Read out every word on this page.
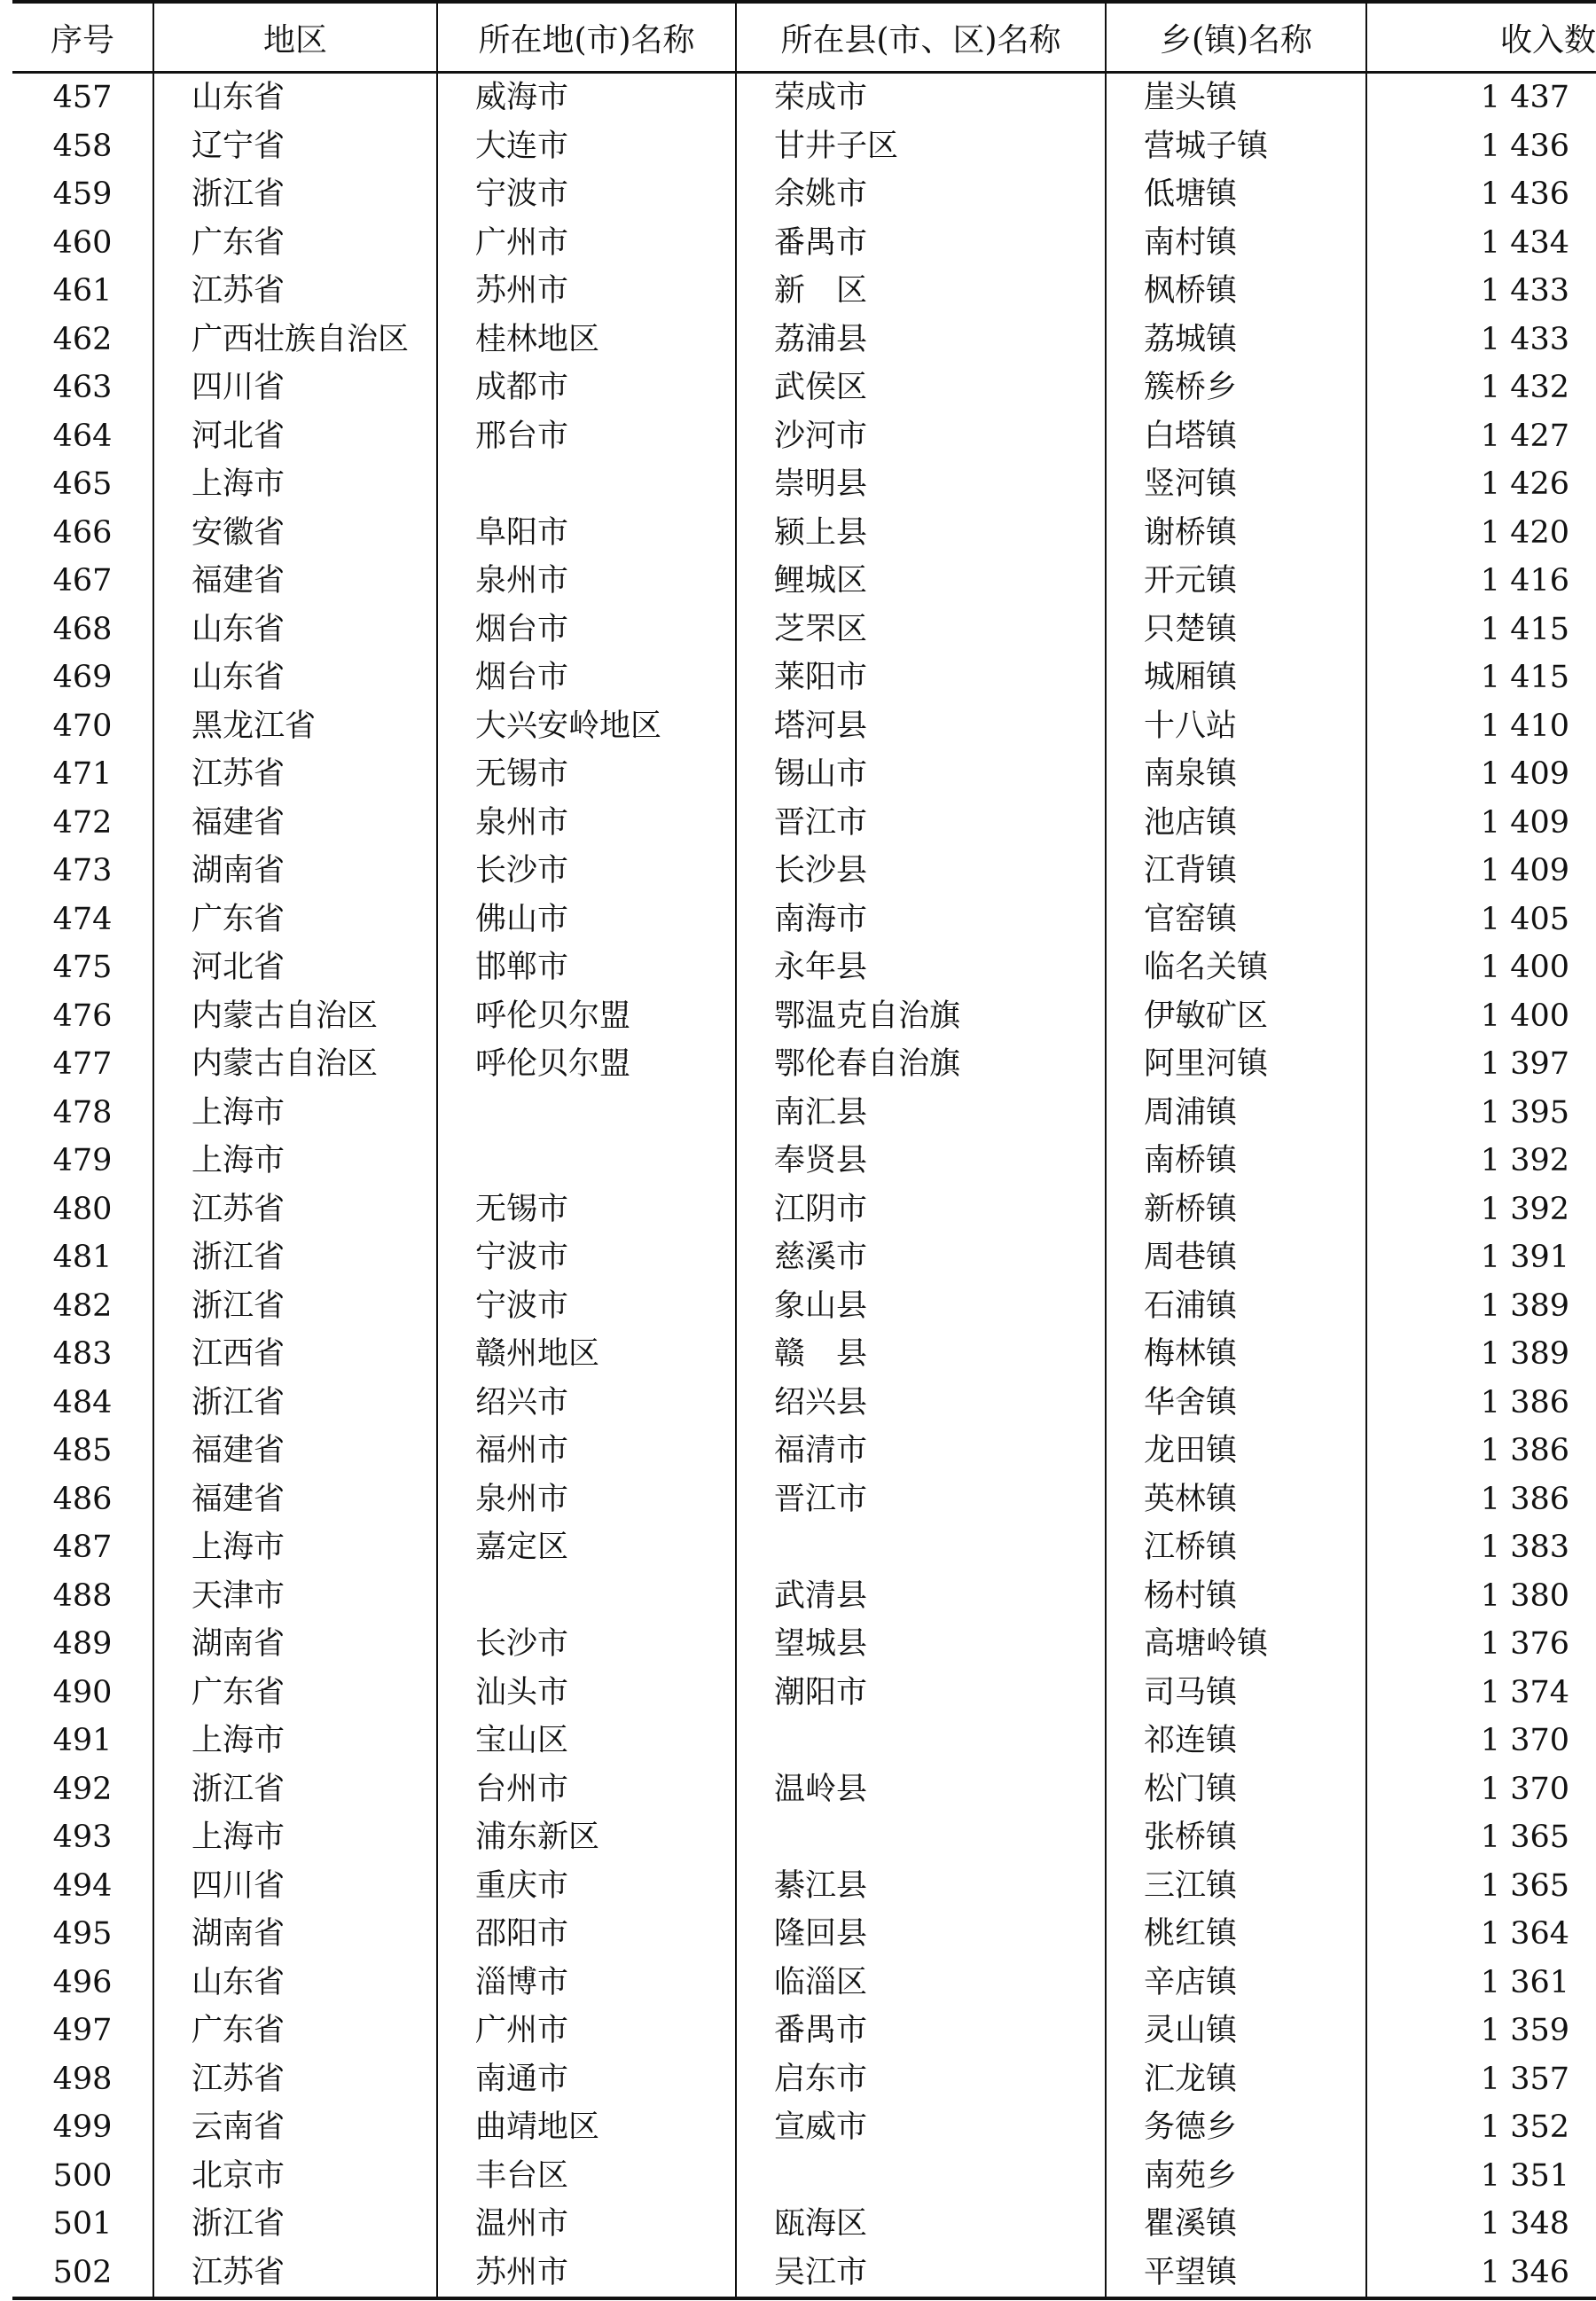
序号	地区	所在地(市)名称	所在县(市、区)名称	乡(镇)名称	收入数
457	山东省	威海市	荣成市	崖头镇	1 437
458	辽宁省	大连市	甘井子区	营城子镇	1 436
459	浙江省	宁波市	余姚市	低塘镇	1 436
460	广东省	广州市	番禺市	南村镇	1 434
461	江苏省	苏州市	新　区	枫桥镇	1 433
462	广西壮族自治区	桂林地区	荔浦县	荔城镇	1 433
463	四川省	成都市	武侯区	簇桥乡	1 432
464	河北省	邢台市	沙河市	白塔镇	1 427
465	上海市		崇明县	竖河镇	1 426
466	安徽省	阜阳市	颍上县	谢桥镇	1 420
467	福建省	泉州市	鲤城区	开元镇	1 416
468	山东省	烟台市	芝罘区	只楚镇	1 415
469	山东省	烟台市	莱阳市	城厢镇	1 415
470	黑龙江省	大兴安岭地区	塔河县	十八站	1 410
471	江苏省	无锡市	锡山市	南泉镇	1 409
472	福建省	泉州市	晋江市	池店镇	1 409
473	湖南省	长沙市	长沙县	江背镇	1 409
474	广东省	佛山市	南海市	官窑镇	1 405
475	河北省	邯郸市	永年县	临名关镇	1 400
476	内蒙古自治区	呼伦贝尔盟	鄂温克自治旗	伊敏矿区	1 400
477	内蒙古自治区	呼伦贝尔盟	鄂伦春自治旗	阿里河镇	1 397
478	上海市		南汇县	周浦镇	1 395
479	上海市		奉贤县	南桥镇	1 392
480	江苏省	无锡市	江阴市	新桥镇	1 392
481	浙江省	宁波市	慈溪市	周巷镇	1 391
482	浙江省	宁波市	象山县	石浦镇	1 389
483	江西省	赣州地区	赣　县	梅林镇	1 389
484	浙江省	绍兴市	绍兴县	华舍镇	1 386
485	福建省	福州市	福清市	龙田镇	1 386
486	福建省	泉州市	晋江市	英林镇	1 386
487	上海市	嘉定区		江桥镇	1 383
488	天津市		武清县	杨村镇	1 380
489	湖南省	长沙市	望城县	高塘岭镇	1 376
490	广东省	汕头市	潮阳市	司马镇	1 374
491	上海市	宝山区		祁连镇	1 370
492	浙江省	台州市	温岭县	松门镇	1 370
493	上海市	浦东新区		张桥镇	1 365
494	四川省	重庆市	綦江县	三江镇	1 365
495	湖南省	邵阳市	隆回县	桃红镇	1 364
496	山东省	淄博市	临淄区	辛店镇	1 361
497	广东省	广州市	番禺市	灵山镇	1 359
498	江苏省	南通市	启东市	汇龙镇	1 357
499	云南省	曲靖地区	宣威市	务德乡	1 352
500	北京市	丰台区		南苑乡	1 351
501	浙江省	温州市	瓯海区	瞿溪镇	1 348
502	江苏省	苏州市	吴江市	平望镇	1 346
